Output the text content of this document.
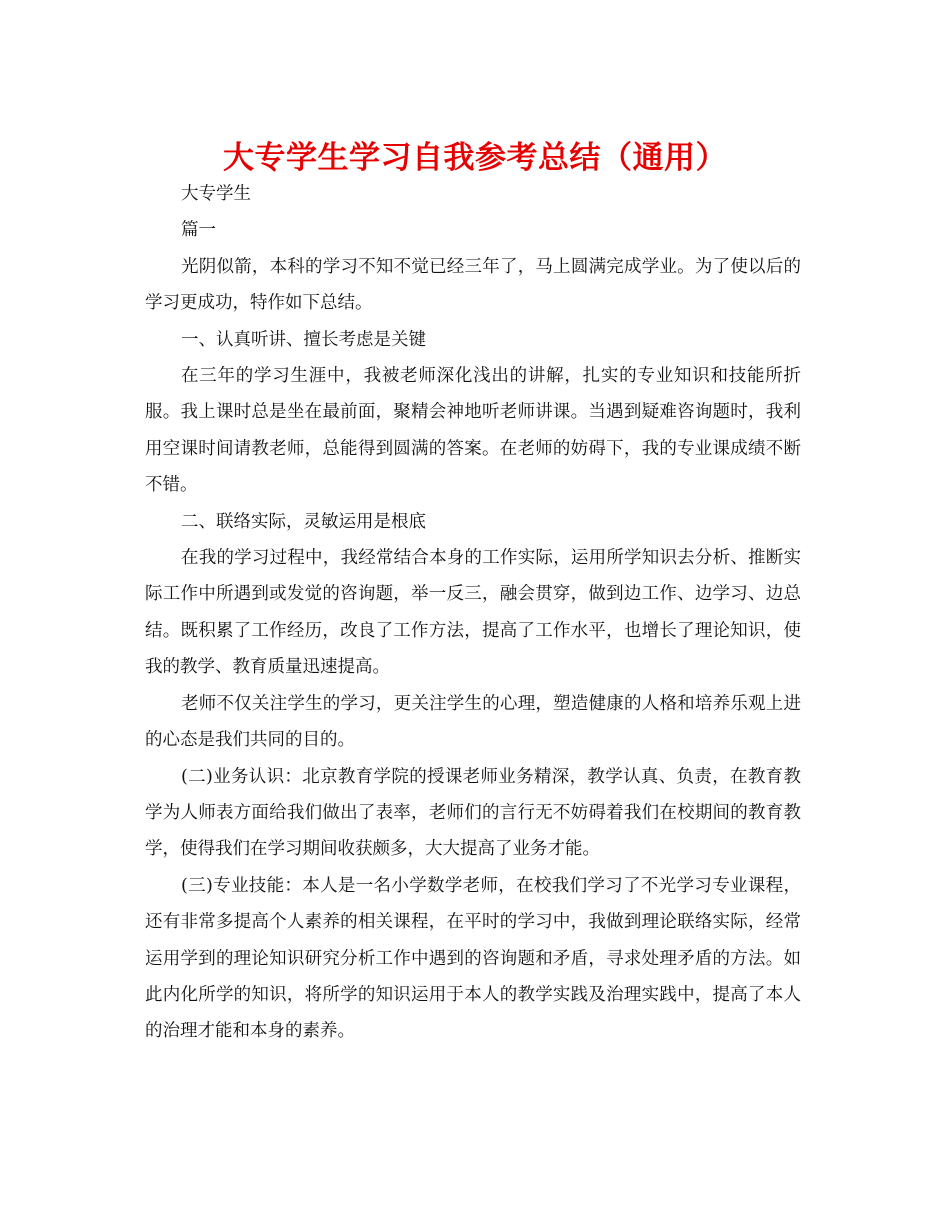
大专学生学习自我参考总结（通用）

大专学生

篇一

光阴似箭，本科的学习不知不觉已经三年了，马上圆满完成学业。为了使以后的学习更成功，特作如下总结。

一、认真听讲、擅长考虑是关键

在三年的学习生涯中，我被老师深化浅出的讲解，扎实的专业知识和技能所折服。我上课时总是坐在最前面，聚精会神地听老师讲课。当遇到疑难咨询题时，我利用空课时间请教老师，总能得到圆满的答案。在老师的妨碍下，我的专业课成绩不断不错。

二、联络实际，灵敏运用是根底

在我的学习过程中，我经常结合本身的工作实际，运用所学知识去分析、推断实际工作中所遇到或发觉的咨询题，举一反三，融会贯穿，做到边工作、边学习、边总结。既积累了工作经历，改良了工作方法，提高了工作水平，也增长了理论知识，使我的教学、教育质量迅速提高。

老师不仅关注学生的学习，更关注学生的心理，塑造健康的人格和培养乐观上进的心态是我们共同的目的。

(二)业务认识：北京教育学院的授课老师业务精深，教学认真、负责，在教育教学为人师表方面给我们做出了表率，老师们的言行无不妨碍着我们在校期间的教育教学，使得我们在学习期间收获颇多，大大提高了业务才能。

(三)专业技能：本人是一名小学数学老师，在校我们学习了不光学习专业课程，还有非常多提高个人素养的相关课程，在平时的学习中，我做到理论联络实际，经常运用学到的理论知识研究分析工作中遇到的咨询题和矛盾，寻求处理矛盾的方法。如此内化所学的知识，将所学的知识运用于本人的教学实践及治理实践中，提高了本人的治理才能和本身的素养。
